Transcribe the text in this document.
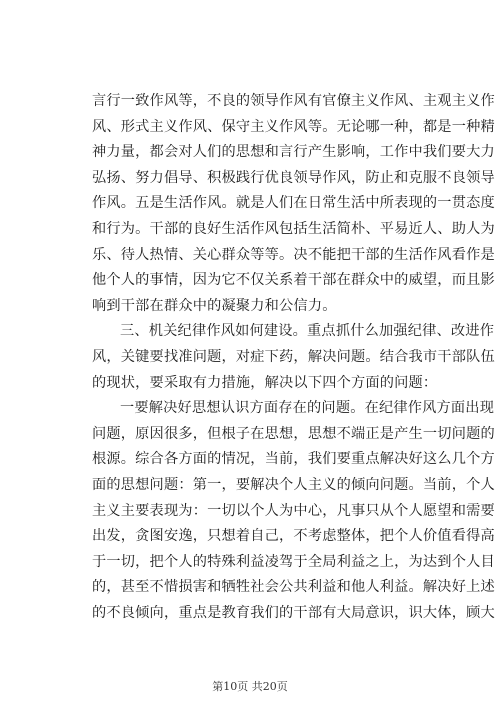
言行一致作风等，不良的领导作风有官僚主义作风、主观主义作
风、形式主义作风、保守主义作风等。无论哪一种，都是一种精
神力量，都会对人们的思想和言行产生影响，工作中我们要大力
弘扬、努力倡导、积极践行优良领导作风，防止和克服不良领导
作风。五是生活作风。就是人们在日常生活中所表现的一贯态度
和行为。干部的良好生活作风包括生活简朴、平易近人、助人为
乐、待人热情、关心群众等等。决不能把干部的生活作风看作是
他个人的事情，因为它不仅关系着干部在群众中的威望，而且影
响到干部在群众中的凝聚力和公信力。
三、机关纪律作风如何建设。重点抓什么加强纪律、改进作
风，关键要找准问题，对症下药，解决问题。结合我市干部队伍
的现状，要采取有力措施，解决以下四个方面的问题：
一要解决好思想认识方面存在的问题。在纪律作风方面出现
问题，原因很多，但根子在思想，思想不端正是产生一切问题的
根源。综合各方面的情况，当前，我们要重点解决好这么几个方
面的思想问题：第一，要解决个人主义的倾向问题。当前，个人
主义主要表现为：一切以个人为中心，凡事只从个人愿望和需要
出发，贪图安逸，只想着自己，不考虑整体，把个人价值看得高
于一切，把个人的特殊利益凌驾于全局利益之上，为达到个人目
的，甚至不惜损害和牺牲社会公共利益和他人利益。解决好上述
的不良倾向，重点是教育我们的干部有大局意识，识大体，顾大
第10页 共20页
